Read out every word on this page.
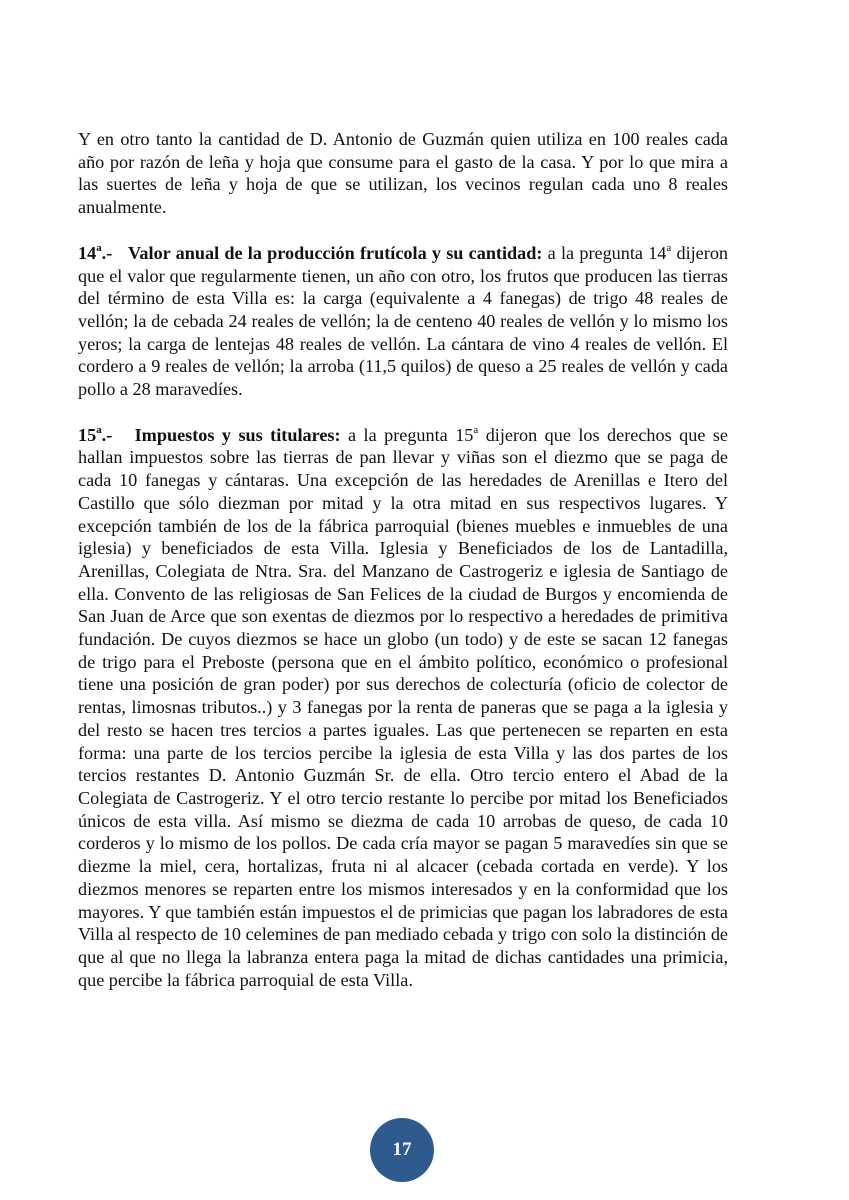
Y en otro tanto la cantidad de D. Antonio de Guzmán quien utiliza en 100 reales cada año por razón de leña y hoja que consume para el gasto de la casa. Y por lo que mira a las suertes de leña y hoja de que se utilizan, los vecinos regulan cada uno 8 reales anualmente.

14$^a$.- Valor anual de la producción frutícola y su cantidad: a la pregunta 14$^a$ dijeron que el valor que regularmente tienen, un año con otro, los frutos que producen las tierras del término de esta Villa es: la carga (equivalente a 4 fanegas) de trigo 48 reales de vellón; la de cebada 24 reales de vellón; la de centeno 40 reales de vellón y lo mismo los yeros; la carga de lentejas 48 reales de vellón. La cántara de vino 4 reales de vellón. El cordero a 9 reales de vellón; la arroba (11,5 quilos) de queso a 25 reales de vellón y cada pollo a 28 maravedíes.

15$^a$.- Impuestos y sus titulares: a la pregunta 15$^a$ dijeron que los derechos que se hallan impuestos sobre las tierras de pan llevar y viñas son el diezmo que se paga de cada 10 fanegas y cántaras. Una excepción de las heredades de Arenillas e Itero del Castillo que sólo diezman por mitad y la otra mitad en sus respectivos lugares. Y excepción también de los de la fábrica parroquial (bienes muebles e inmuebles de una iglesia) y beneficiados de esta Villa. Iglesia y Beneficiados de los de Lantadilla, Arenillas, Colegiata de Ntra. Sra. del Manzano de Castrogeriz e iglesia de Santiago de ella. Convento de las religiosas de San Felices de la ciudad de Burgos y encomienda de San Juan de Arce que son exentas de diezmos por lo respectivo a heredades de primitiva fundación. De cuyos diezmos se hace un globo (un todo) y de este se sacan 12 fanegas de trigo para el Preboste (persona que en el ámbito político, económico o profesional tiene una posición de gran poder) por sus derechos de colecturía (oficio de colector de rentas, limosnas tributos..) y 3 fanegas por la renta de paneras que se paga a la iglesia y del resto se hacen tres tercios a partes iguales. Las que pertenecen se reparten en esta forma: una parte de los tercios percibe la iglesia de esta Villa y las dos partes de los tercios restantes D. Antonio Guzmán Sr. de ella. Otro tercio entero el Abad de la Colegiata de Castrogeriz. Y el otro tercio restante lo percibe por mitad los Beneficiados únicos de esta villa. Así mismo se diezma de cada 10 arrobas de queso, de cada 10 corderos y lo mismo de los pollos. De cada cría mayor se pagan 5 maravedíes sin que se diezme la miel, cera, hortalizas, fruta ni al alcacer (cebada cortada en verde). Y los diezmos menores se reparten entre los mismos interesados y en la conformidad que los mayores. Y que también están impuestos el de primicias que pagan los labradores de esta Villa al respecto de 10 celemines de pan mediado cebada y trigo con solo la distinción de que al que no llega la labranza entera paga la mitad de dichas cantidades una primicia, que percibe la fábrica parroquial de esta Villa.

17
